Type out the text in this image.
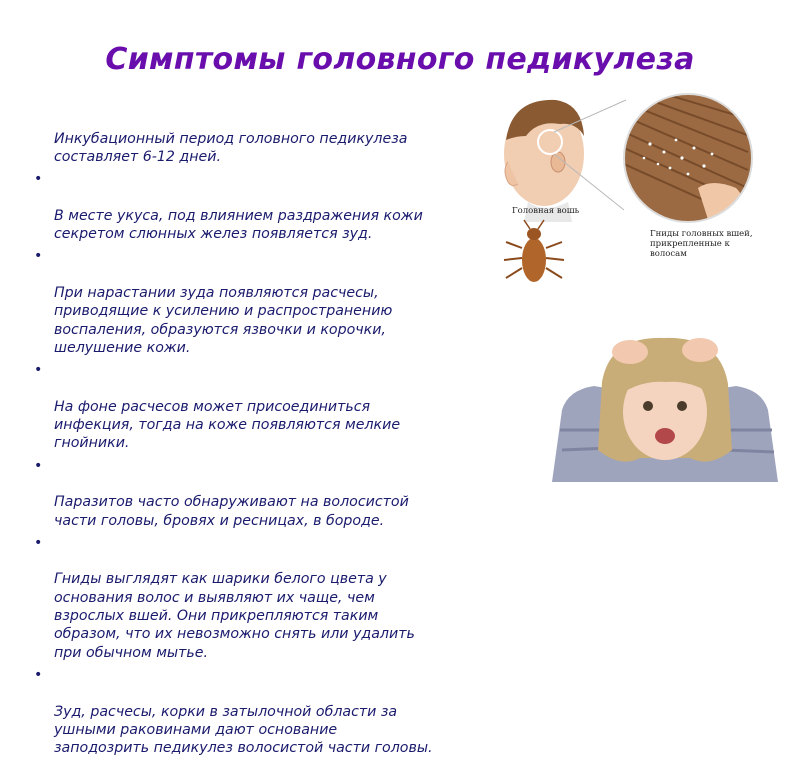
Симптомы головного педикулеза

Инкубационный период головного педикулеза
составляет 6-12 дней.

•

В месте укуса, под влиянием раздражения кожи
секретом слюнных желез появляется зуд.

•

При нарастании зуда появляются расчесы,
приводящие к усилению и распространению
воспаления, образуются язвочки и корочки,
шелушение кожи.

•

На фоне расчесов может присоединиться
инфекция, тогда на коже появляются мелкие
гнойники.

•

Паразитов часто обнаруживают на волосистой
части головы, бровях и ресницах, в бороде.

•

Гниды выглядят как шарики белого цвета у
основания волос и выявляют их чаще, чем
взрослых вшей. Они прикрепляются таким
образом, что их невозможно снять или удалить
при обычном мытье.

•

Зуд, расчесы, корки в затылочной области за
ушными раковинами дают основание
заподозрить педикулез волосистой части головы.

Головная вошь
Гниды головных вшей,
прикрепленные к волосам
